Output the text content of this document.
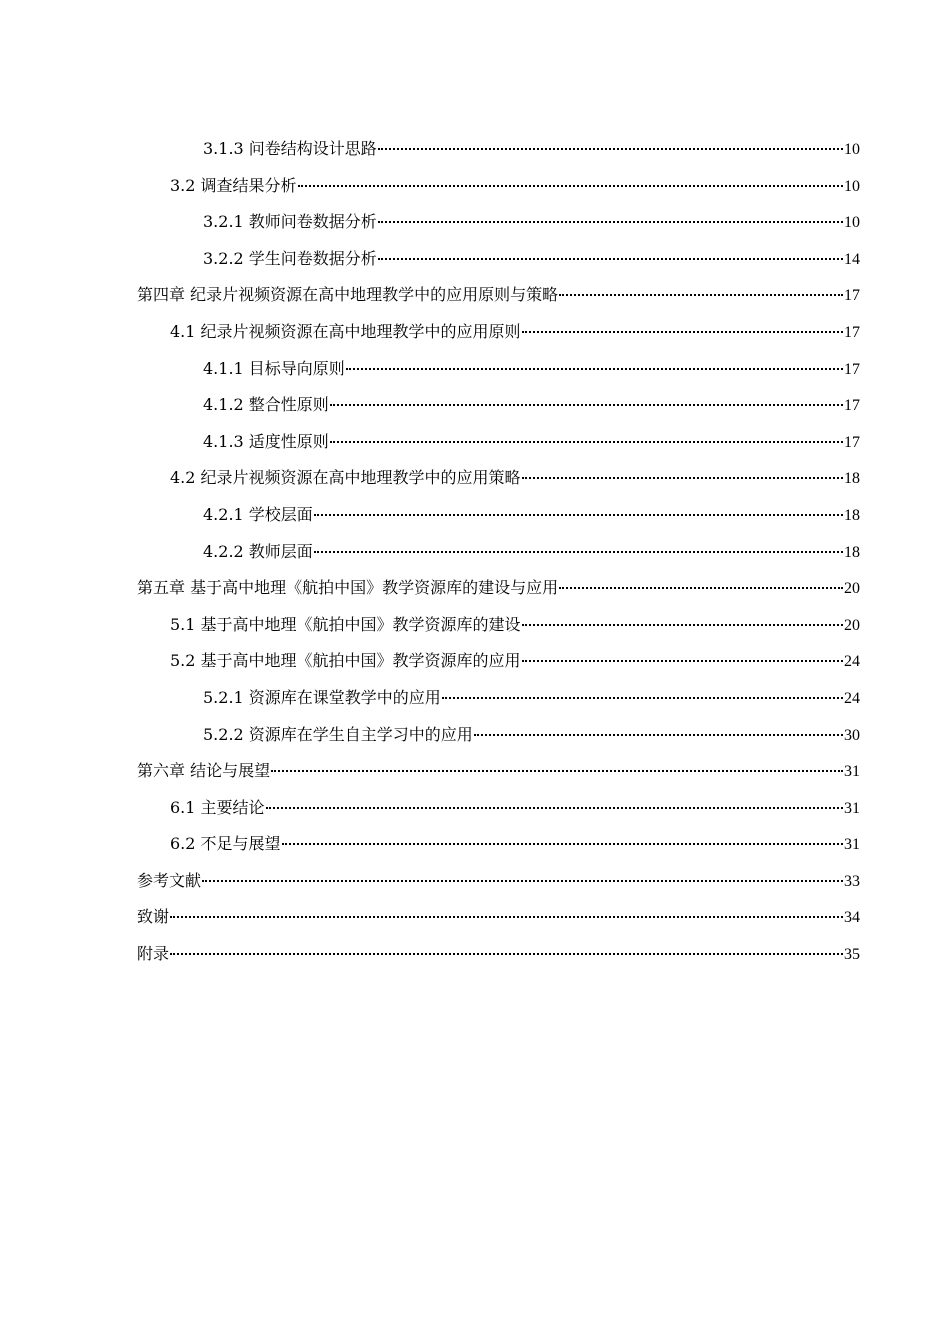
3.1.3 问卷结构设计思路	10
3.2 调查结果分析	10
3.2.1 教师问卷数据分析	10
3.2.2 学生问卷数据分析	14
第四章 纪录片视频资源在高中地理教学中的应用原则与策略	17
4.1 纪录片视频资源在高中地理教学中的应用原则	17
4.1.1 目标导向原则	17
4.1.2 整合性原则	17
4.1.3 适度性原则	17
4.2 纪录片视频资源在高中地理教学中的应用策略	18
4.2.1 学校层面	18
4.2.2 教师层面	18
第五章 基于高中地理《航拍中国》教学资源库的建设与应用	20
5.1 基于高中地理《航拍中国》教学资源库的建设	20
5.2 基于高中地理《航拍中国》教学资源库的应用	24
5.2.1 资源库在课堂教学中的应用	24
5.2.2 资源库在学生自主学习中的应用	30
第六章 结论与展望	31
6.1 主要结论	31
6.2 不足与展望	31
参考文献	33
致谢	34
附录	35
